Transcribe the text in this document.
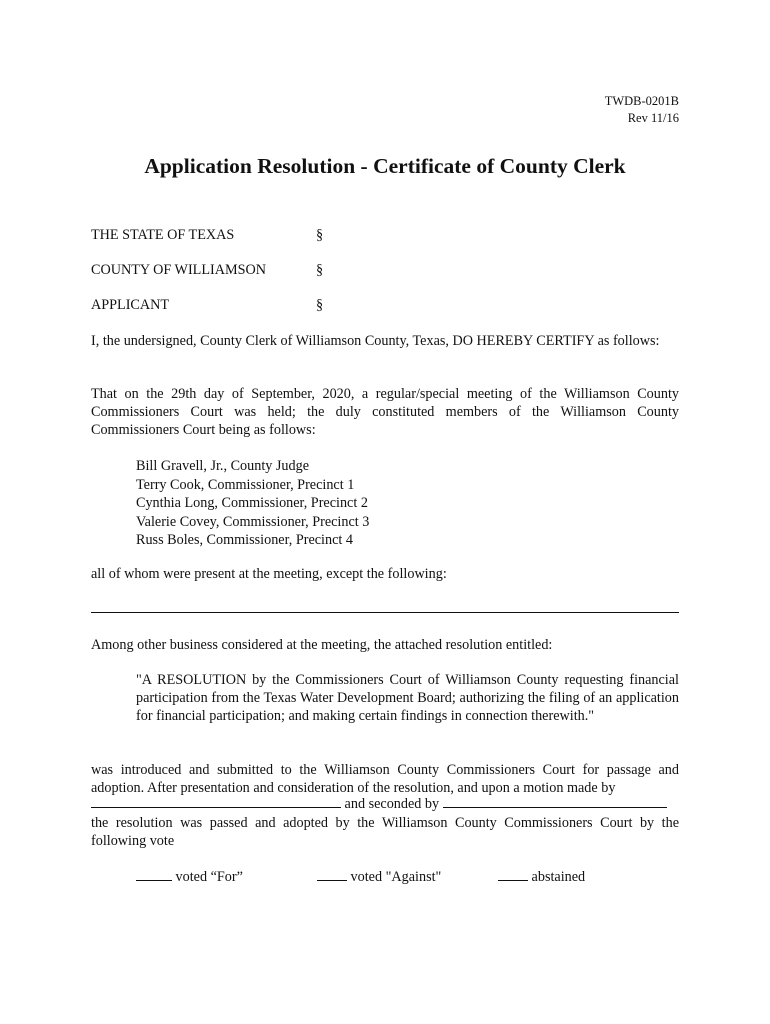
TWDB-0201B
Rev 11/16
Application Resolution - Certificate of County Clerk
THE STATE OF TEXAS	§
COUNTY OF WILLIAMSON	§
APPLICANT	§
I, the undersigned, County Clerk of Williamson County, Texas, DO HEREBY CERTIFY as follows:
That on the 29th day of September, 2020, a regular/special meeting of the Williamson County Commissioners Court was held; the duly constituted members of the Williamson County Commissioners Court being as follows:
Bill Gravell, Jr., County Judge
Terry Cook, Commissioner, Precinct 1
Cynthia Long, Commissioner, Precinct 2
Valerie Covey, Commissioner, Precinct 3
Russ Boles, Commissioner, Precinct 4
all of whom were present at the meeting, except the following:
Among other business considered at the meeting, the attached resolution entitled:
"A RESOLUTION by the Commissioners Court of Williamson County requesting financial participation from the Texas Water Development Board; authorizing the filing of an application for financial participation; and making certain findings in connection therewith."
was introduced and submitted to the Williamson County Commissioners Court for passage and adoption. After presentation and consideration of the resolution, and upon a motion made by
and seconded by
the resolution was passed and adopted by the Williamson County Commissioners Court by the following vote
voted “For”	voted "Against"	abstained
